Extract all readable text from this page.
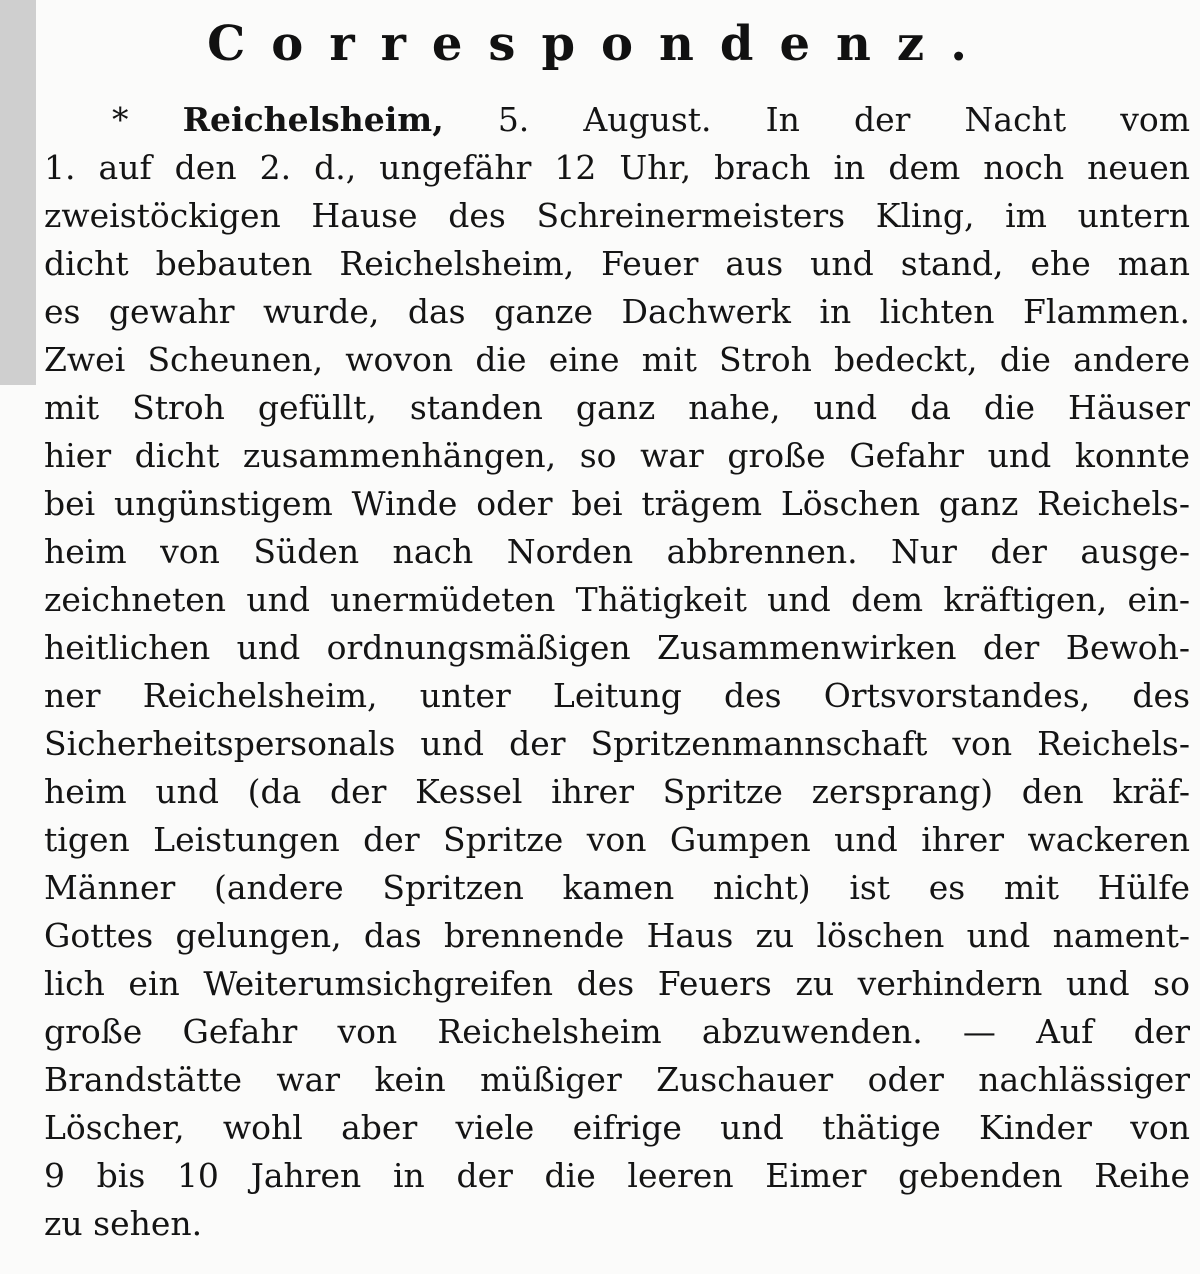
Correspondenz.
* Reichelsheim, 5. August. In der Nacht vom
1. auf den 2. d., ungefähr 12 Uhr, brach in dem noch neuen
zweistöckigen Hause des Schreinermeisters Kling, im untern
dicht bebauten Reichelsheim, Feuer aus und stand, ehe man
es gewahr wurde, das ganze Dachwerk in lichten Flammen.
Zwei Scheunen, wovon die eine mit Stroh bedeckt, die andere
mit Stroh gefüllt, standen ganz nahe, und da die Häuser
hier dicht zusammenhängen, so war große Gefahr und konnte
bei ungünstigem Winde oder bei trägem Löschen ganz Reichels-
heim von Süden nach Norden abbrennen. Nur der ausge-
zeichneten und unermüdeten Thätigkeit und dem kräftigen, ein-
heitlichen und ordnungsmäßigen Zusammenwirken der Bewoh-
ner Reichelsheim, unter Leitung des Ortsvorstandes, des
Sicherheitspersonals und der Spritzenmannschaft von Reichels-
heim und (da der Kessel ihrer Spritze zersprang) den kräf-
tigen Leistungen der Spritze von Gumpen und ihrer wackeren
Männer (andere Spritzen kamen nicht) ist es mit Hülfe
Gottes gelungen, das brennende Haus zu löschen und nament-
lich ein Weiterumsichgreifen des Feuers zu verhindern und so
große Gefahr von Reichelsheim abzuwenden. — Auf der
Brandstätte war kein müßiger Zuschauer oder nachlässiger
Löscher, wohl aber viele eifrige und thätige Kinder von
9 bis 10 Jahren in der die leeren Eimer gebenden Reihe
zu sehen.
